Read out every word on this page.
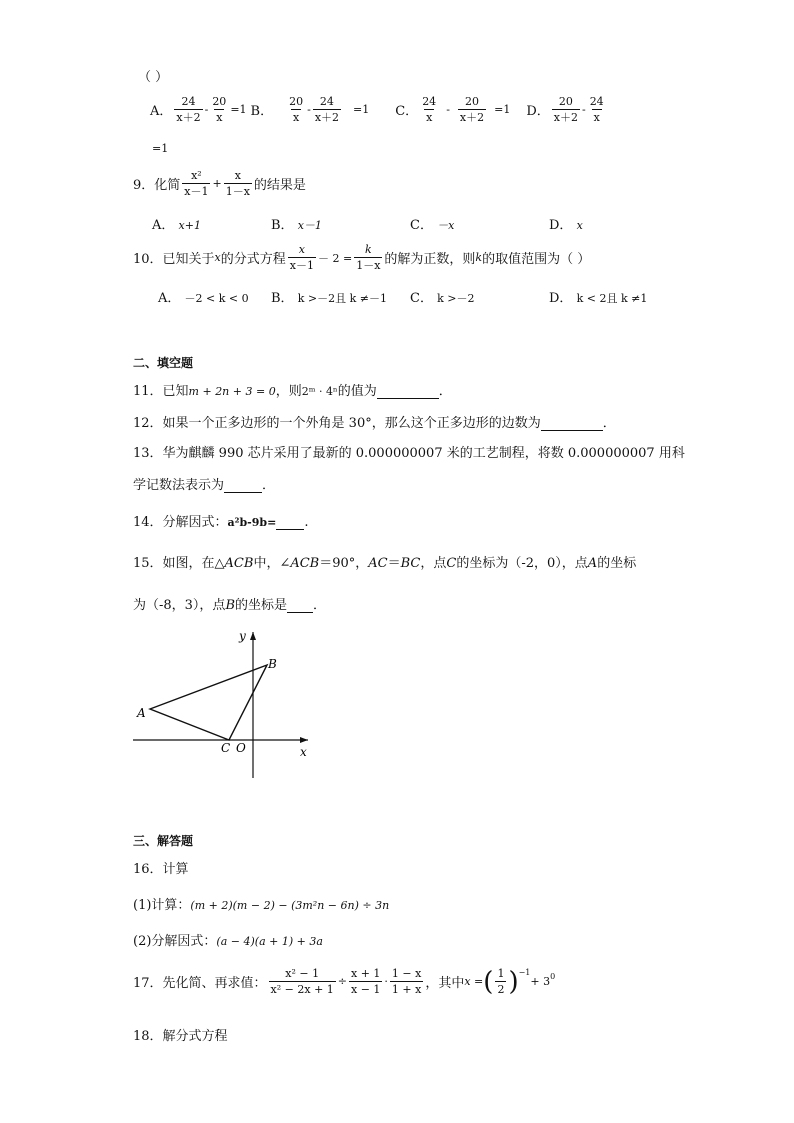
（ ）
A． $\frac{24}{x+2} - \frac{20}{x} =1$ B． $\frac{20}{x} - \frac{24}{x+2} =1$ C． $\frac{24}{x} - \frac{20}{x+2} =1$ D． $\frac{20}{x+2} - \frac{24}{x}$
=1
9．化简 $\frac{\text{x²}}{x-1} + \frac{x}{1-x}$ 的结果是
A． x+1	B． x－1	C． －x	D． x
10．已知关于 x 的分式方程 $\frac{x}{x-1} - 2 = \frac{k}{1-x}$ 的解为正数，则 k 的取值范围为（ ）
A． －2 < k < 0 B． k >－2且 k ≠－1 C． k >－2	D． k < 2且 k ≠1
二、填空题
11．已知m + 2n + 3 = 0，则2ᵐ · 4ⁿ的值为	．
12．如果一个正多边形的一个外角是 30°，那么这个正多边形的边数为	．
13．华为麒麟 990 芯片采用了最新的 0.000000007 米的工艺制程，将数 0.000000007 用科
学记数法表示为	．
14．分解因式：a²b-9b= .
15．如图，在△ACB中，∠ACB＝90°，AC＝BC，点C的坐标为（-2，0），点A的坐标
为（-8，3），点B的坐标是 ．
y
x
A
B
C O
三、解答题
16．计算
(1)计算：(m + 2)(m − 2) − (3m²n − 6n) ÷ 3n
(2)分解因式：(a − 4)(a + 1) + 3a
17．先化简、再求值： $\frac{\text{x² − 1}}{\text{x² − 2x + 1}} \div \frac{x + 1}{x - 1} \cdot \frac{1 - x}{1 + x}$ ，其中 x = ( $\frac{1}{2} )^{-1}$
+ $3^0$
18．解分式方程
